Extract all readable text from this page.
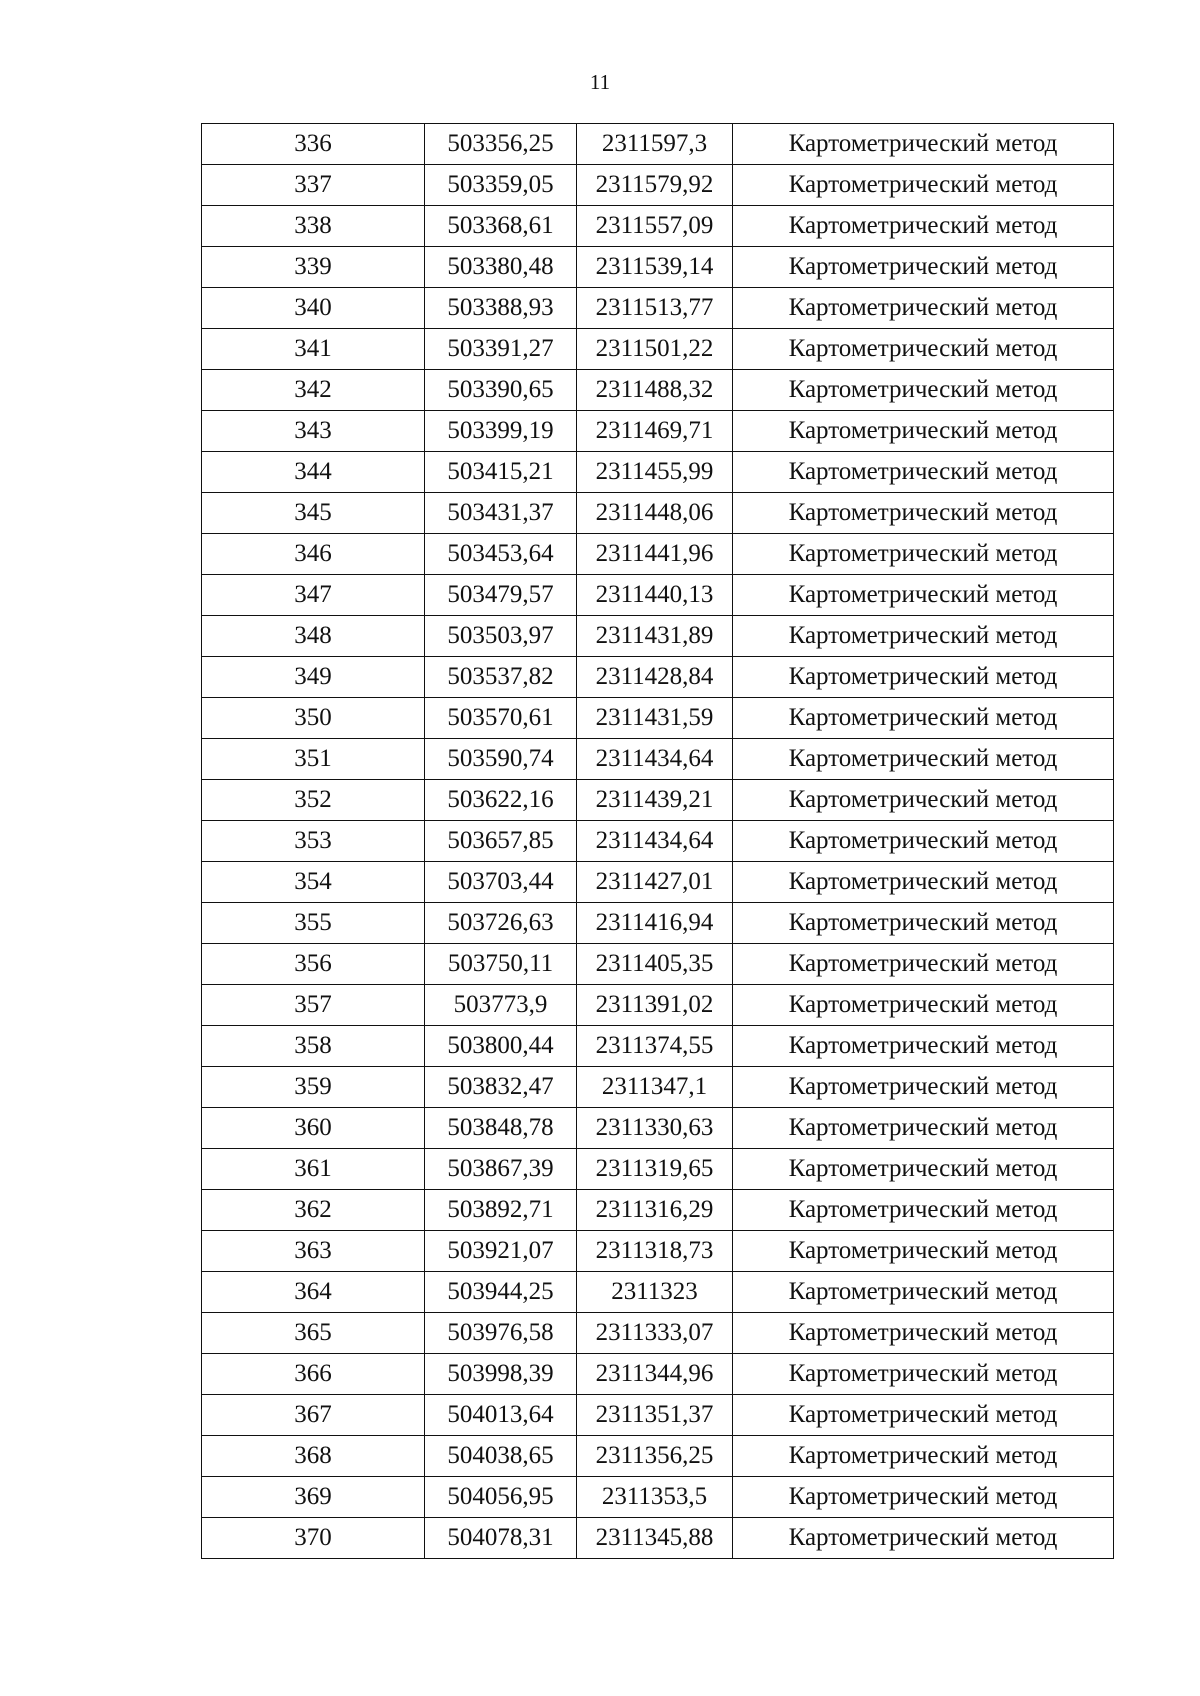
11
336	503356,25	2311597,3	Картометрический метод
337	503359,05	2311579,92	Картометрический метод
338	503368,61	2311557,09	Картометрический метод
339	503380,48	2311539,14	Картометрический метод
340	503388,93	2311513,77	Картометрический метод
341	503391,27	2311501,22	Картометрический метод
342	503390,65	2311488,32	Картометрический метод
343	503399,19	2311469,71	Картометрический метод
344	503415,21	2311455,99	Картометрический метод
345	503431,37	2311448,06	Картометрический метод
346	503453,64	2311441,96	Картометрический метод
347	503479,57	2311440,13	Картометрический метод
348	503503,97	2311431,89	Картометрический метод
349	503537,82	2311428,84	Картометрический метод
350	503570,61	2311431,59	Картометрический метод
351	503590,74	2311434,64	Картометрический метод
352	503622,16	2311439,21	Картометрический метод
353	503657,85	2311434,64	Картометрический метод
354	503703,44	2311427,01	Картометрический метод
355	503726,63	2311416,94	Картометрический метод
356	503750,11	2311405,35	Картометрический метод
357	503773,9	2311391,02	Картометрический метод
358	503800,44	2311374,55	Картометрический метод
359	503832,47	2311347,1	Картометрический метод
360	503848,78	2311330,63	Картометрический метод
361	503867,39	2311319,65	Картометрический метод
362	503892,71	2311316,29	Картометрический метод
363	503921,07	2311318,73	Картометрический метод
364	503944,25	2311323	Картометрический метод
365	503976,58	2311333,07	Картометрический метод
366	503998,39	2311344,96	Картометрический метод
367	504013,64	2311351,37	Картометрический метод
368	504038,65	2311356,25	Картометрический метод
369	504056,95	2311353,5	Картометрический метод
370	504078,31	2311345,88	Картометрический метод
